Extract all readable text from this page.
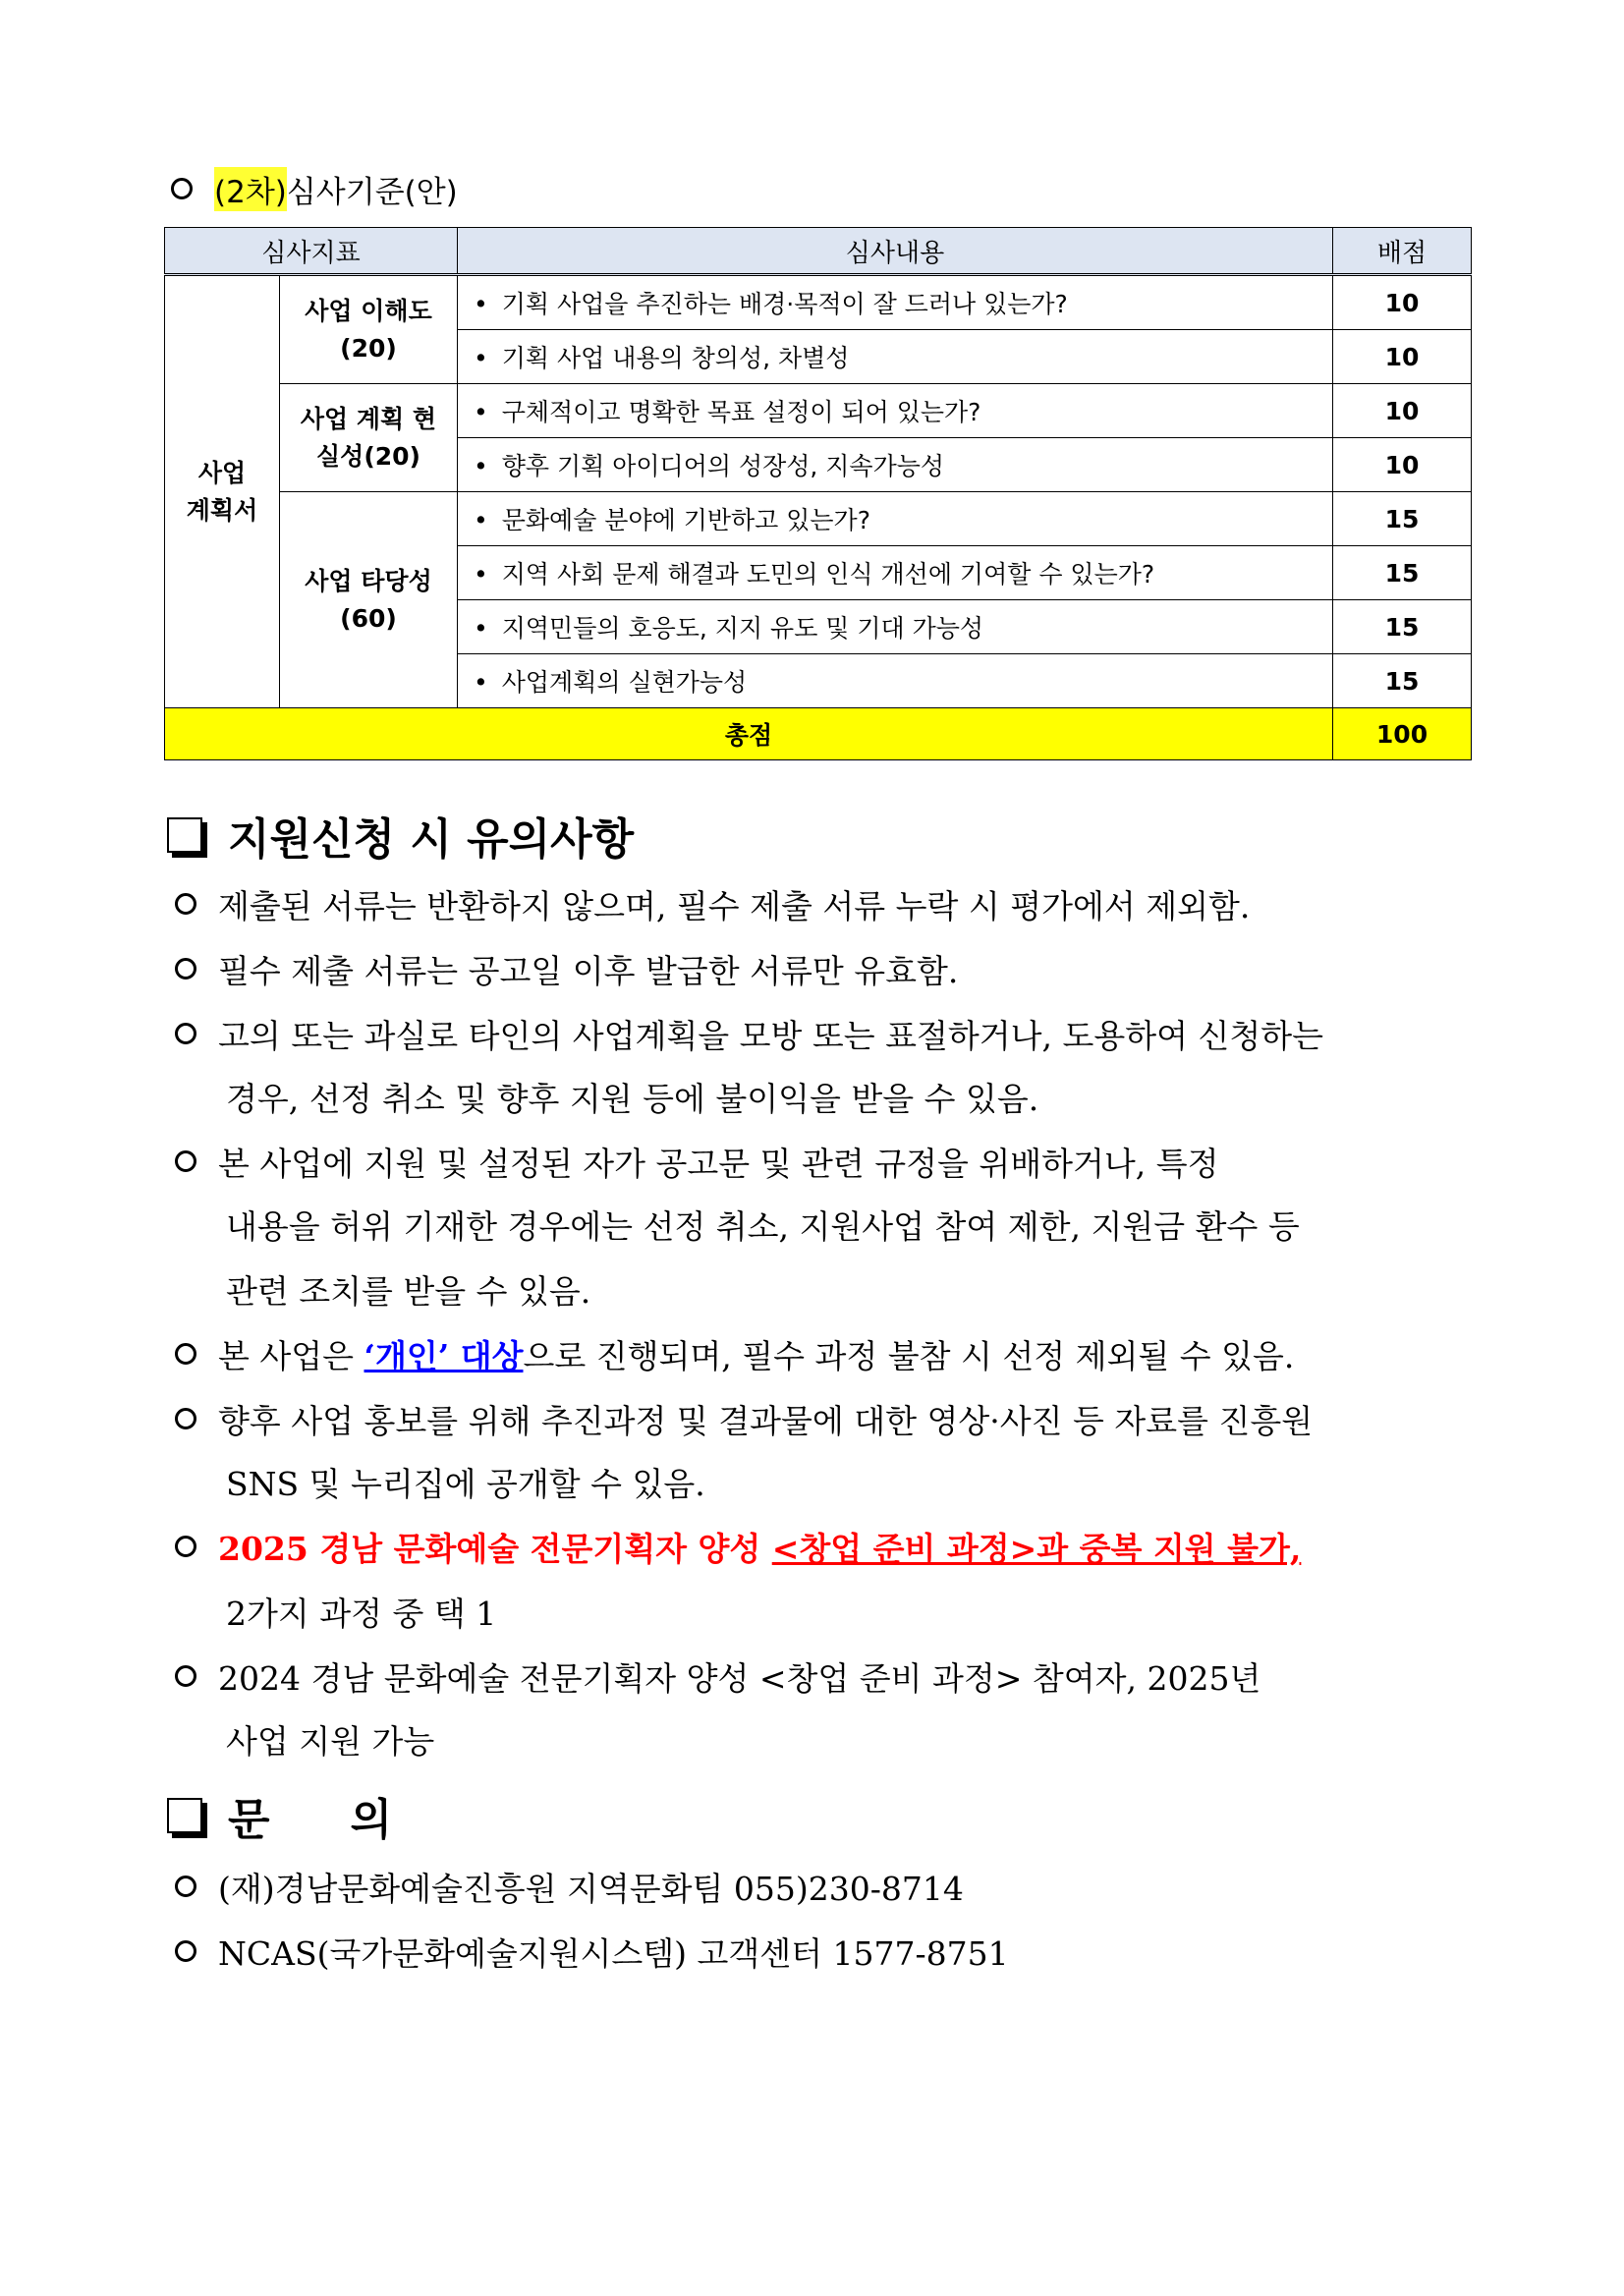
(2차) 심사기준(안)
심사지표		심사내용	배점
사업 계획서	사업 이해도(20)	• 기획 사업을 추진하는 배경·목적이 잘 드러나 있는가?	10
		• 기획 사업 내용의 창의성, 차별성	10
	사업 계획 현실성(20)	• 구체적이고 명확한 목표 설정이 되어 있는가?	10
		• 향후 기획 아이디어의 성장성, 지속가능성	10
	사업 타당성(60)	• 문화예술 분야에 기반하고 있는가?	15
		• 지역 사회 문제 해결과 도민의 인식 개선에 기여할 수 있는가?	15
		• 지역민들의 호응도, 지지 유도 및 기대 가능성	15
		• 사업계획의 실현가능성	15
총점			100
지원신청 시 유의사항
제출된 서류는 반환하지 않으며, 필수 제출 서류 누락 시 평가에서 제외함.
필수 제출 서류는 공고일 이후 발급한 서류만 유효함.
고의 또는 과실로 타인의 사업계획을 모방 또는 표절하거나, 도용하여 신청하는
경우, 선정 취소 및 향후 지원 등에 불이익을 받을 수 있음.
본 사업에 지원 및 설정된 자가 공고문 및 관련 규정을 위배하거나, 특정
내용을 허위 기재한 경우에는 선정 취소, 지원사업 참여 제한, 지원금 환수 등
관련 조치를 받을 수 있음.
본 사업은 ‘개인’ 대상 으로 진행되며, 필수 과정 불참 시 선정 제외될 수 있음.
향후 사업 홍보를 위해 추진과정 및 결과물에 대한 영상·사진 등 자료를 진흥원
SNS 및 누리집에 공개할 수 있음.
2025 경남 문화예술 전문기획자 양성 <창업 준비 과정>과 중복 지원 불가,
2가지 과정 중 택 1
2024 경남 문화예술 전문기획자 양성 <창업 준비 과정> 참여자, 2025년
사업 지원 가능
문 의
(재)경남문화예술진흥원 지역문화팀 055)230-8714
NCAS(국가문화예술지원시스템) 고객센터 1577-8751
